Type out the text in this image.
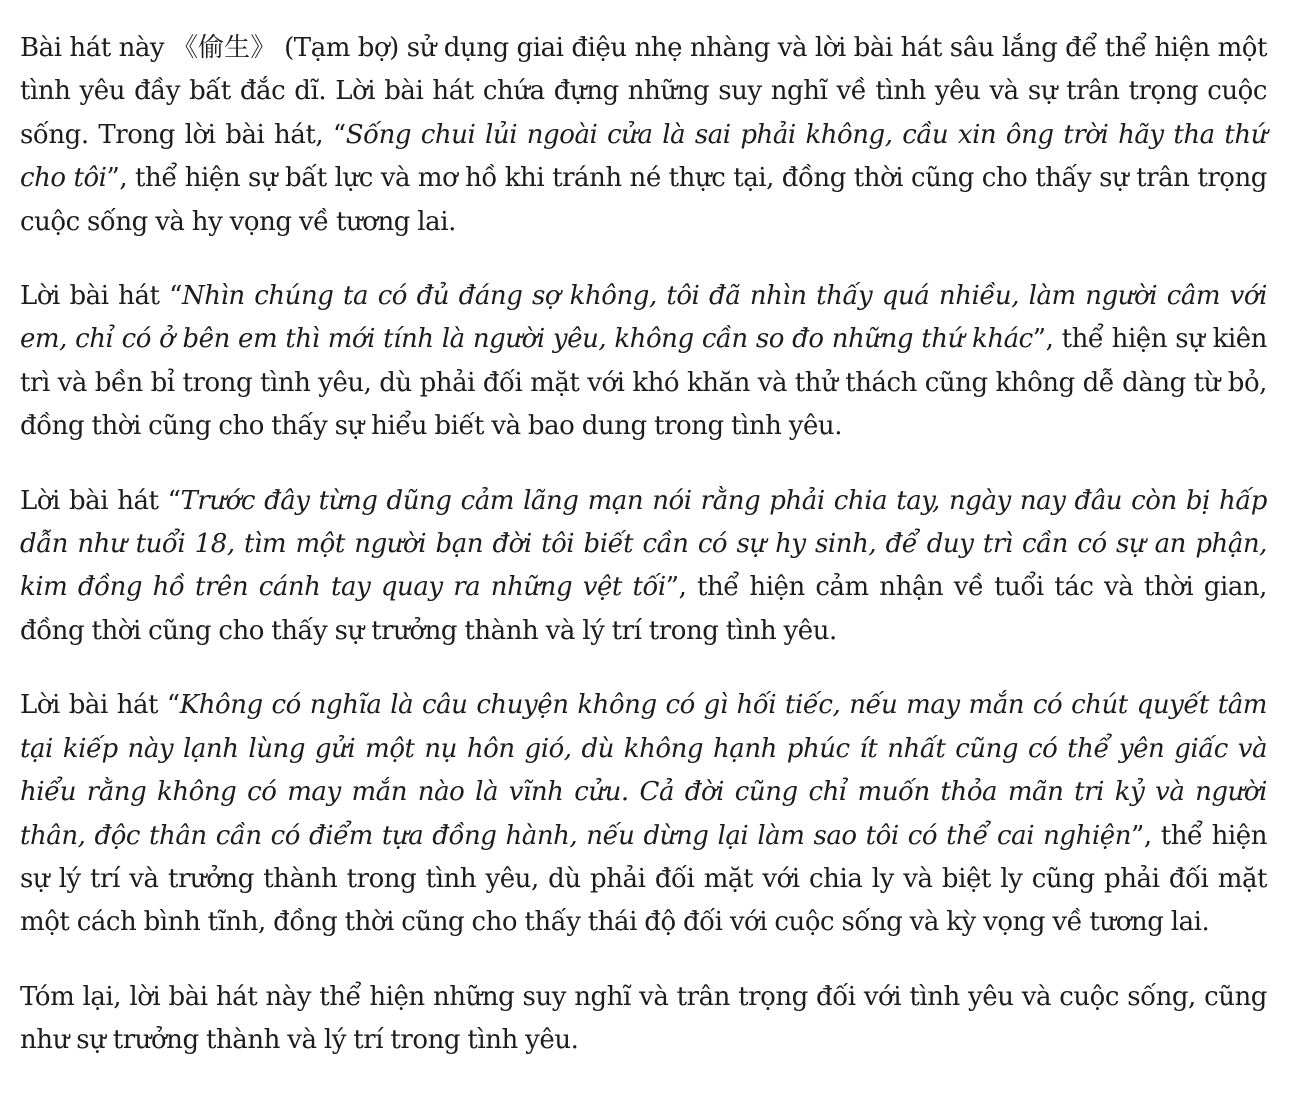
Bài hát này 《偷生》 (Tạm bợ) sử dụng giai điệu nhẹ nhàng và lời bài hát sâu lắng để thể hiện một tình yêu đầy bất đắc dĩ. Lời bài hát chứa đựng những suy nghĩ về tình yêu và sự trân trọng cuộc sống. Trong lời bài hát, “Sống chui lủi ngoài cửa là sai phải không, cầu xin ông trời hãy tha thứ cho tôi”, thể hiện sự bất lực và mơ hồ khi tránh né thực tại, đồng thời cũng cho thấy sự trân trọng cuộc sống và hy vọng về tương lai.

Lời bài hát “Nhìn chúng ta có đủ đáng sợ không, tôi đã nhìn thấy quá nhiều, làm người câm với em, chỉ có ở bên em thì mới tính là người yêu, không cần so đo những thứ khác”, thể hiện sự kiên trì và bền bỉ trong tình yêu, dù phải đối mặt với khó khăn và thử thách cũng không dễ dàng từ bỏ, đồng thời cũng cho thấy sự hiểu biết và bao dung trong tình yêu.

Lời bài hát “Trước đây từng dũng cảm lãng mạn nói rằng phải chia tay, ngày nay đâu còn bị hấp dẫn như tuổi 18, tìm một người bạn đời tôi biết cần có sự hy sinh, để duy trì cần có sự an phận, kim đồng hồ trên cánh tay quay ra những vệt tối”, thể hiện cảm nhận về tuổi tác và thời gian, đồng thời cũng cho thấy sự trưởng thành và lý trí trong tình yêu.

Lời bài hát “Không có nghĩa là câu chuyện không có gì hối tiếc, nếu may mắn có chút quyết tâm tại kiếp này lạnh lùng gửi một nụ hôn gió, dù không hạnh phúc ít nhất cũng có thể yên giấc và hiểu rằng không có may mắn nào là vĩnh cửu. Cả đời cũng chỉ muốn thỏa mãn tri kỷ và người thân, độc thân cần có điểm tựa đồng hành, nếu dừng lại làm sao tôi có thể cai nghiện”, thể hiện sự lý trí và trưởng thành trong tình yêu, dù phải đối mặt với chia ly và biệt ly cũng phải đối mặt một cách bình tĩnh, đồng thời cũng cho thấy thái độ đối với cuộc sống và kỳ vọng về tương lai.

Tóm lại, lời bài hát này thể hiện những suy nghĩ và trân trọng đối với tình yêu và cuộc sống, cũng như sự trưởng thành và lý trí trong tình yêu.
